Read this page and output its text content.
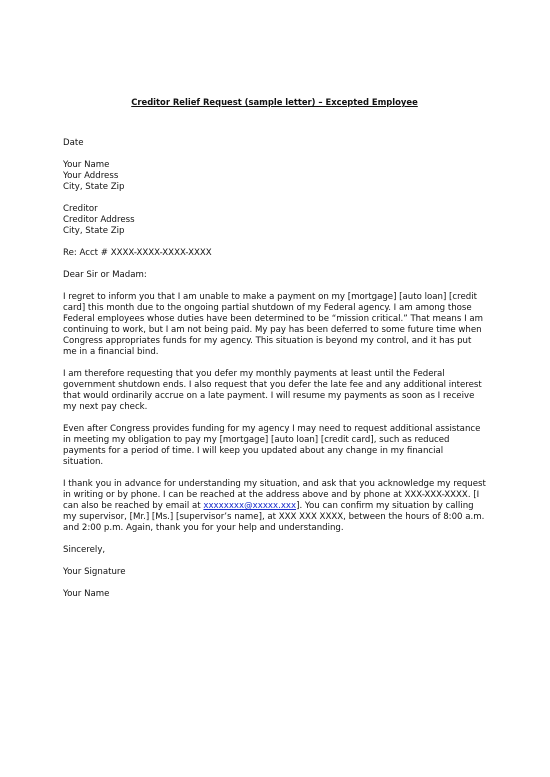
Creditor Relief Request (sample letter) – Excepted Employee
Date
Your Name
Your Address
City, State Zip
Creditor
Creditor Address
City, State Zip
Re: Acct # XXXX-XXXX-XXXX-XXXX
Dear Sir or Madam:

I regret to inform you that I am unable to make a payment on my [mortgage] [auto loan] [credit card] this month due to the ongoing partial shutdown of my Federal agency. I am among those Federal employees whose duties have been determined to be “mission critical.” That means I am continuing to work, but I am not being paid. My pay has been deferred to some future time when Congress appropriates funds for my agency. This situation is beyond my control, and it has put me in a financial bind.

I am therefore requesting that you defer my monthly payments at least until the Federal government shutdown ends. I also request that you defer the late fee and any additional interest that would ordinarily accrue on a late payment. I will resume my payments as soon as I receive my next pay check.

Even after Congress provides funding for my agency I may need to request additional assistance in meeting my obligation to pay my [mortgage] [auto loan] [credit card], such as reduced payments for a period of time. I will keep you updated about any change in my financial situation.

I thank you in advance for understanding my situation, and ask that you acknowledge my request in writing or by phone. I can be reached at the address above and by phone at XXX-XXX-XXXX. [I can also be reached by email at xxxxxxxx@xxxxx.xxx]. You can confirm my situation by calling my supervisor, [Mr.] [Ms.] [supervisor’s name], at XXX XXX XXXX, between the hours of 8:00 a.m. and 2:00 p.m. Again, thank you for your help and understanding.

Sincerely,
Your Signature
Your Name
